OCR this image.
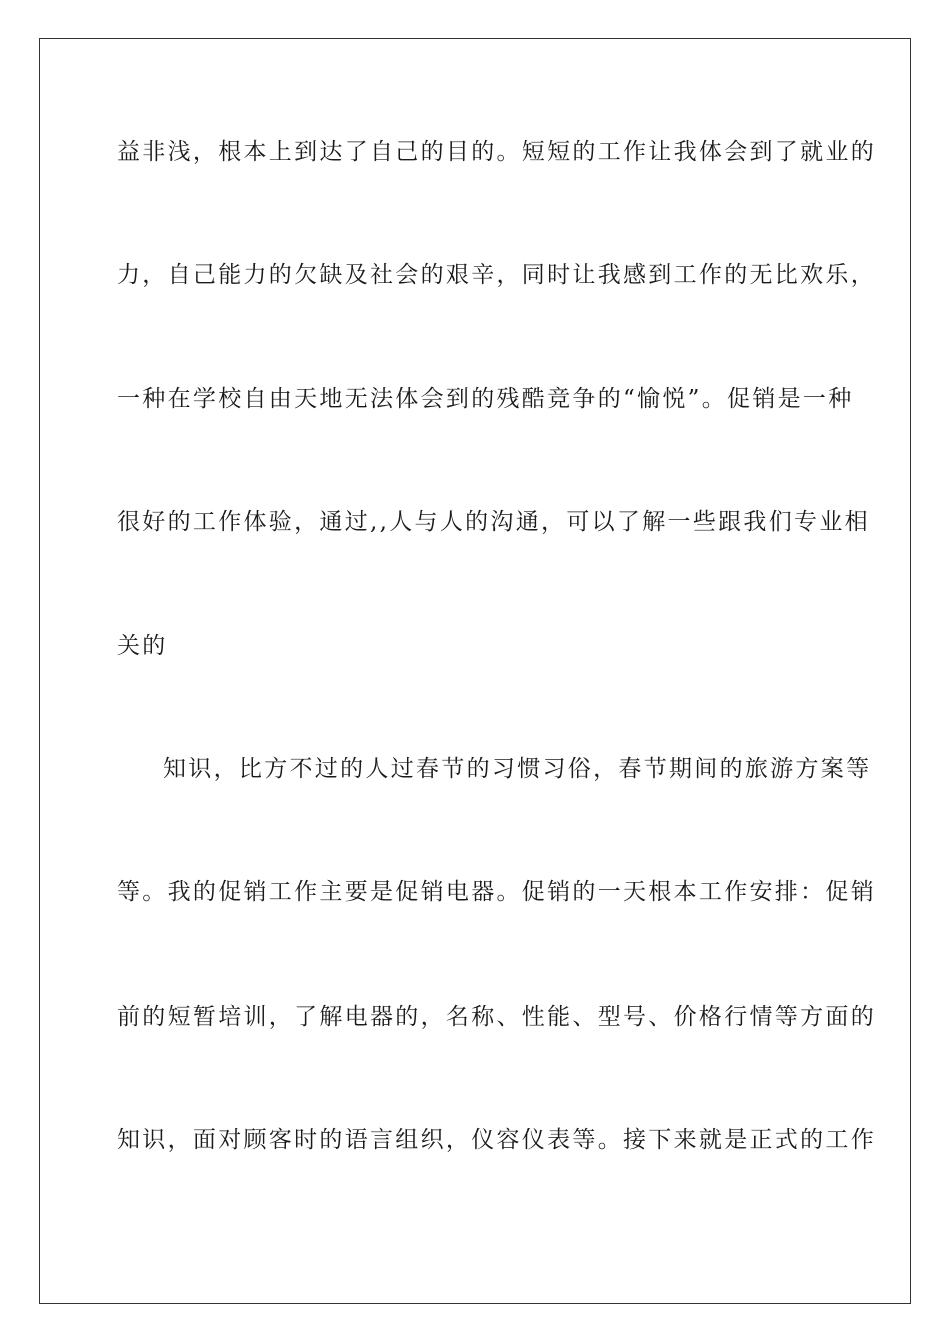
益非浅，根本上到达了自己的目的。短短的工作让我体会到了就业的
力，自己能力的欠缺及社会的艰辛，同时让我感到工作的无比欢乐，
一种在学校自由天地无法体会到的残酷竞争的“愉悦”。促销是一种
很好的工作体验，通过,,人与人的沟通，可以了解一些跟我们专业相
关的
知识，比方不过的人过春节的习惯习俗，春节期间的旅游方案等
等。我的促销工作主要是促销电器。促销的一天根本工作安排：促销
前的短暂培训，了解电器的，名称、性能、型号、价格行情等方面的
知识，面对顾客时的语言组织，仪容仪表等。接下来就是正式的工作
